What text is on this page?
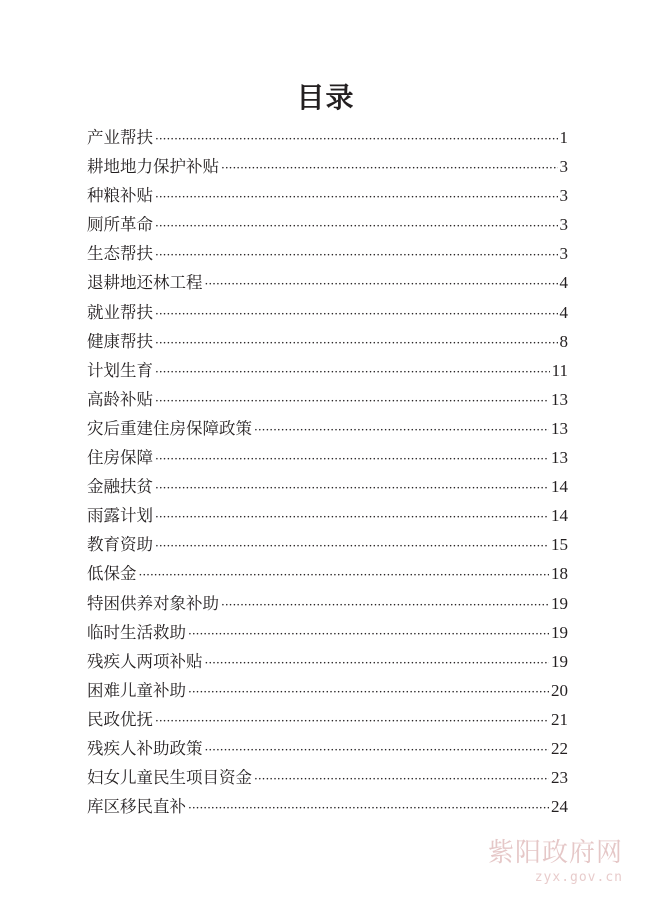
目录
产业帮扶 ·····	1
耕地地力保护补贴 ·····	3
种粮补贴 ·····	3
厕所革命 ·····	3
生态帮扶 ·····	3
退耕地还林工程 ·····	4
就业帮扶 ·····	4
健康帮扶 ·····	8
计划生育 ·····	11
高龄补贴 ·····	13
灾后重建住房保障政策 ·····	13
住房保障 ·····	13
金融扶贫 ·····	14
雨露计划 ·····	14
教育资助 ·····	15
低保金 ·····	18
特困供养对象补助 ·····	19
临时生活救助 ·····	19
残疾人两项补贴 ·····	19
困难儿童补助 ·····	20
民政优抚 ·····	21
残疾人补助政策 ·····	22
妇女儿童民生项目资金 ·····	23
库区移民直补 ·····	24
紫阳政府网
zyx.gov.cn
